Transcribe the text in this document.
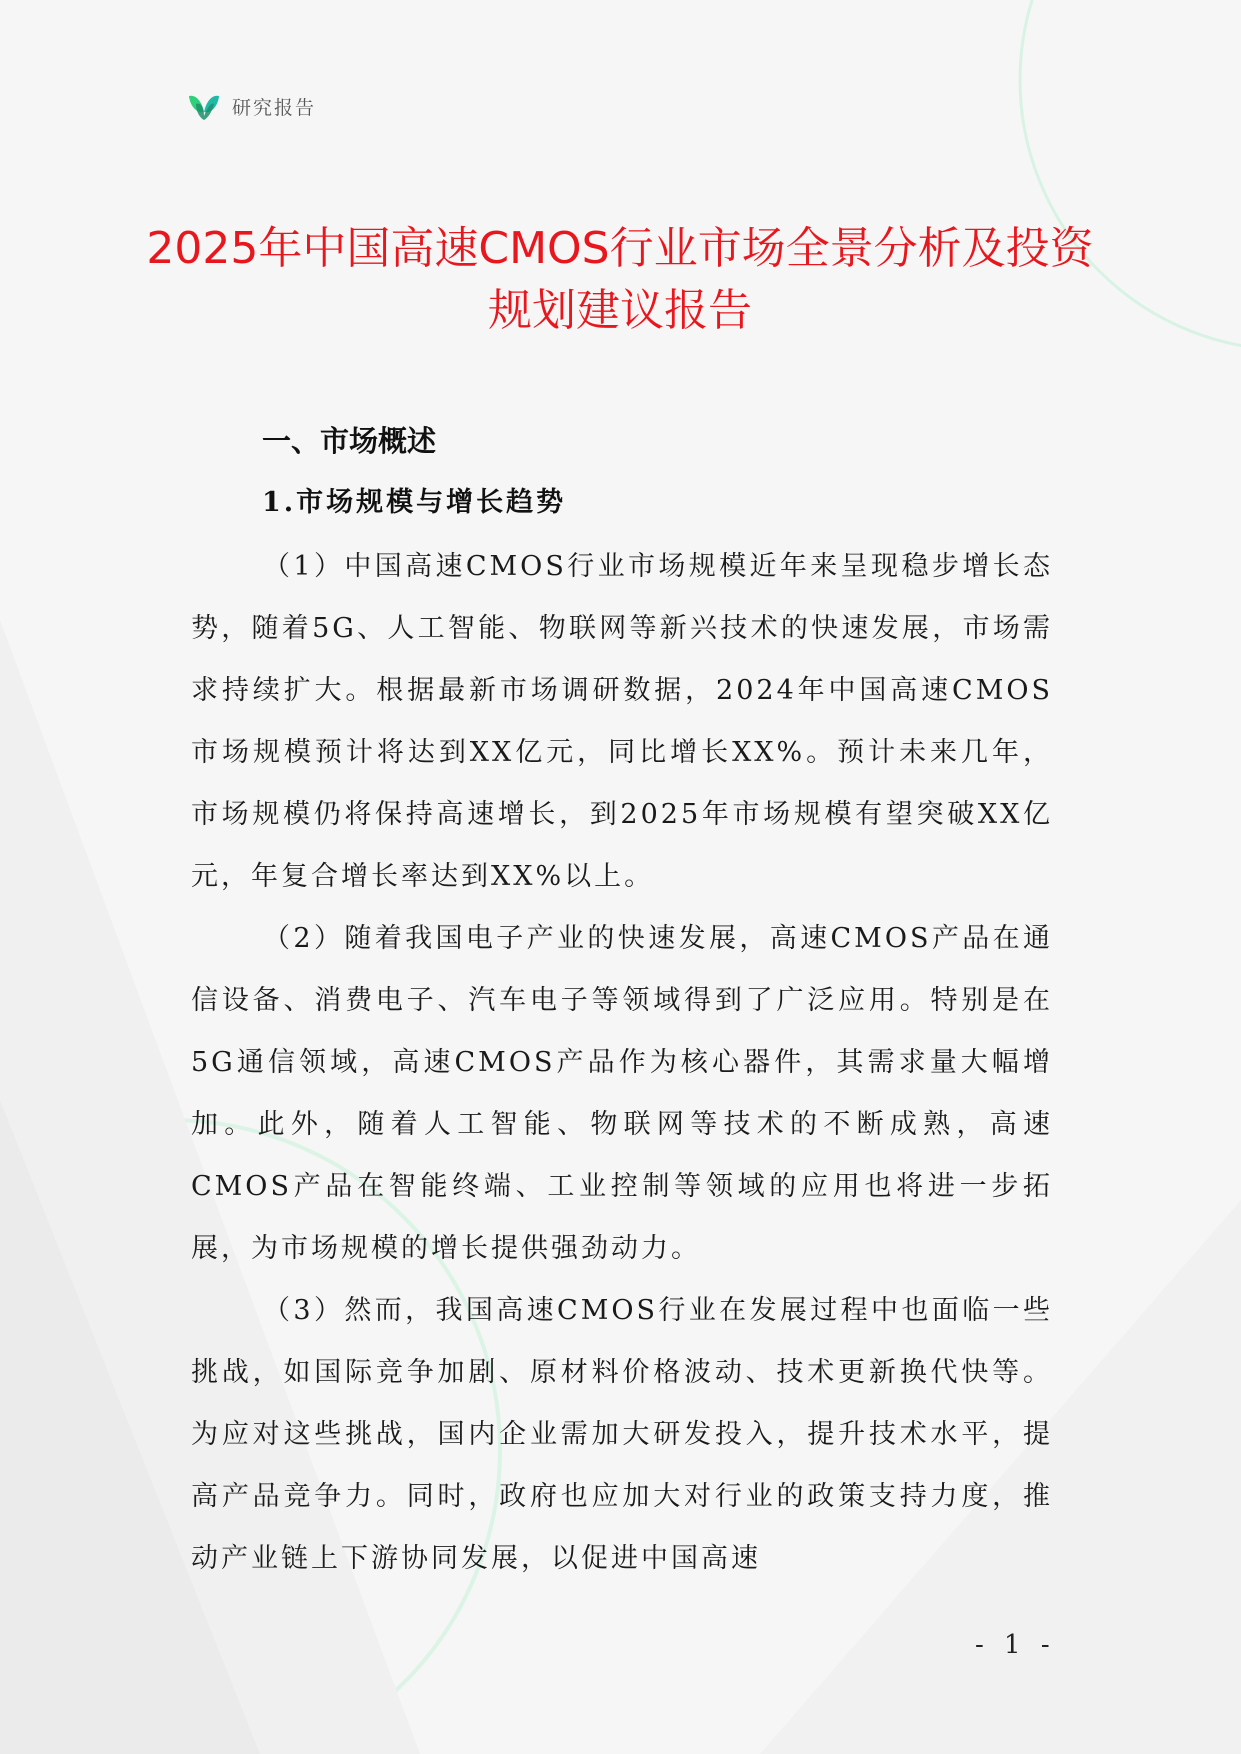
研究报告
2025年中国高速CMOS行业市场全景分析及投资规划建议报告
一、市场概述
1.市场规模与增长趋势

（1）中国高速CMOS行业市场规模近年来呈现稳步增长态势，随着5G、人工智能、物联网等新兴技术的快速发展，市场需求持续扩大。根据最新市场调研数据，2024年中国高速CMOS市场规模预计将达到XX亿元，同比增长XX%。预计未来几年，市场规模仍将保持高速增长，到2025年市场规模有望突破XX亿元，年复合增长率达到XX%以上。

（2）随着我国电子产业的快速发展，高速CMOS产品在通信设备、消费电子、汽车电子等领域得到了广泛应用。特别是在5G通信领域，高速CMOS产品作为核心器件，其需求量大幅增加。此外，随着人工智能、物联网等技术的不断成熟，高速CMOS产品在智能终端、工业控制等领域的应用也将进一步拓展，为市场规模的增长提供强劲动力。

（3）然而，我国高速CMOS行业在发展过程中也面临一些挑战，如国际竞争加剧、原材料价格波动、技术更新换代快等。为应对这些挑战，国内企业需加大研发投入，提升技术水平，提高产品竞争力。同时，政府也应加大对行业的政策支持力度，推动产业链上下游协同发展，以促进中国高速

- 1 -
